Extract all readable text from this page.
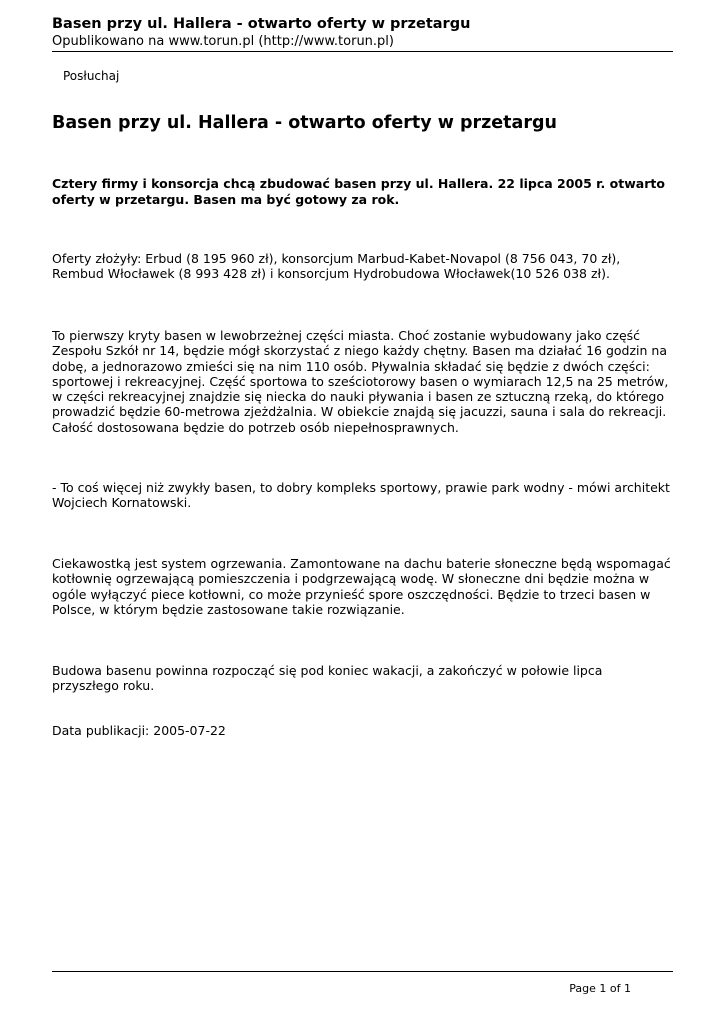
Basen przy ul. Hallera - otwarto oferty w przetargu
Opublikowano na www.torun.pl (http://www.torun.pl)
Posłuchaj
Basen przy ul. Hallera - otwarto oferty w przetargu

Cztery firmy i konsorcja chcą zbudować basen przy ul. Hallera. 22 lipca 2005 r. otwarto oferty w przetargu. Basen ma być gotowy za rok.

Oferty złożyły: Erbud (8 195 960 zł), konsorcjum Marbud-Kabet-Novapol (8 756 043, 70 zł), Rembud Włocławek (8 993 428 zł) i konsorcjum Hydrobudowa Włocławek(10 526 038 zł).

To pierwszy kryty basen w lewobrzeżnej części miasta. Choć zostanie wybudowany jako część Zespołu Szkół nr 14, będzie mógł skorzystać z niego każdy chętny. Basen ma działać 16 godzin na dobę, a jednorazowo zmieści się na nim 110 osób. Pływalnia składać się będzie z dwóch części: sportowej i rekreacyjnej. Część sportowa to sześciotorowy basen o wymiarach 12,5 na 25 metrów, w części rekreacyjnej znajdzie się niecka do nauki pływania i basen ze sztuczną rzeką, do którego prowadzić będzie 60-metrowa zjeżdżalnia. W obiekcie znajdą się jacuzzi, sauna i sala do rekreacji. Całość dostosowana będzie do potrzeb osób niepełnosprawnych.

- To coś więcej niż zwykły basen, to dobry kompleks sportowy, prawie park wodny - mówi architekt Wojciech Kornatowski.

Ciekawostką jest system ogrzewania. Zamontowane na dachu baterie słoneczne będą wspomagać kotłownię ogrzewającą pomieszczenia i podgrzewającą wodę. W słoneczne dni będzie można w ogóle wyłączyć piece kotłowni, co może przynieść spore oszczędności. Będzie to trzeci basen w Polsce, w którym będzie zastosowane takie rozwiązanie.

Budowa basenu powinna rozpocząć się pod koniec wakacji, a zakończyć w połowie lipca przyszłego roku.

Data publikacji: 2005-07-22

Page 1 of 1
